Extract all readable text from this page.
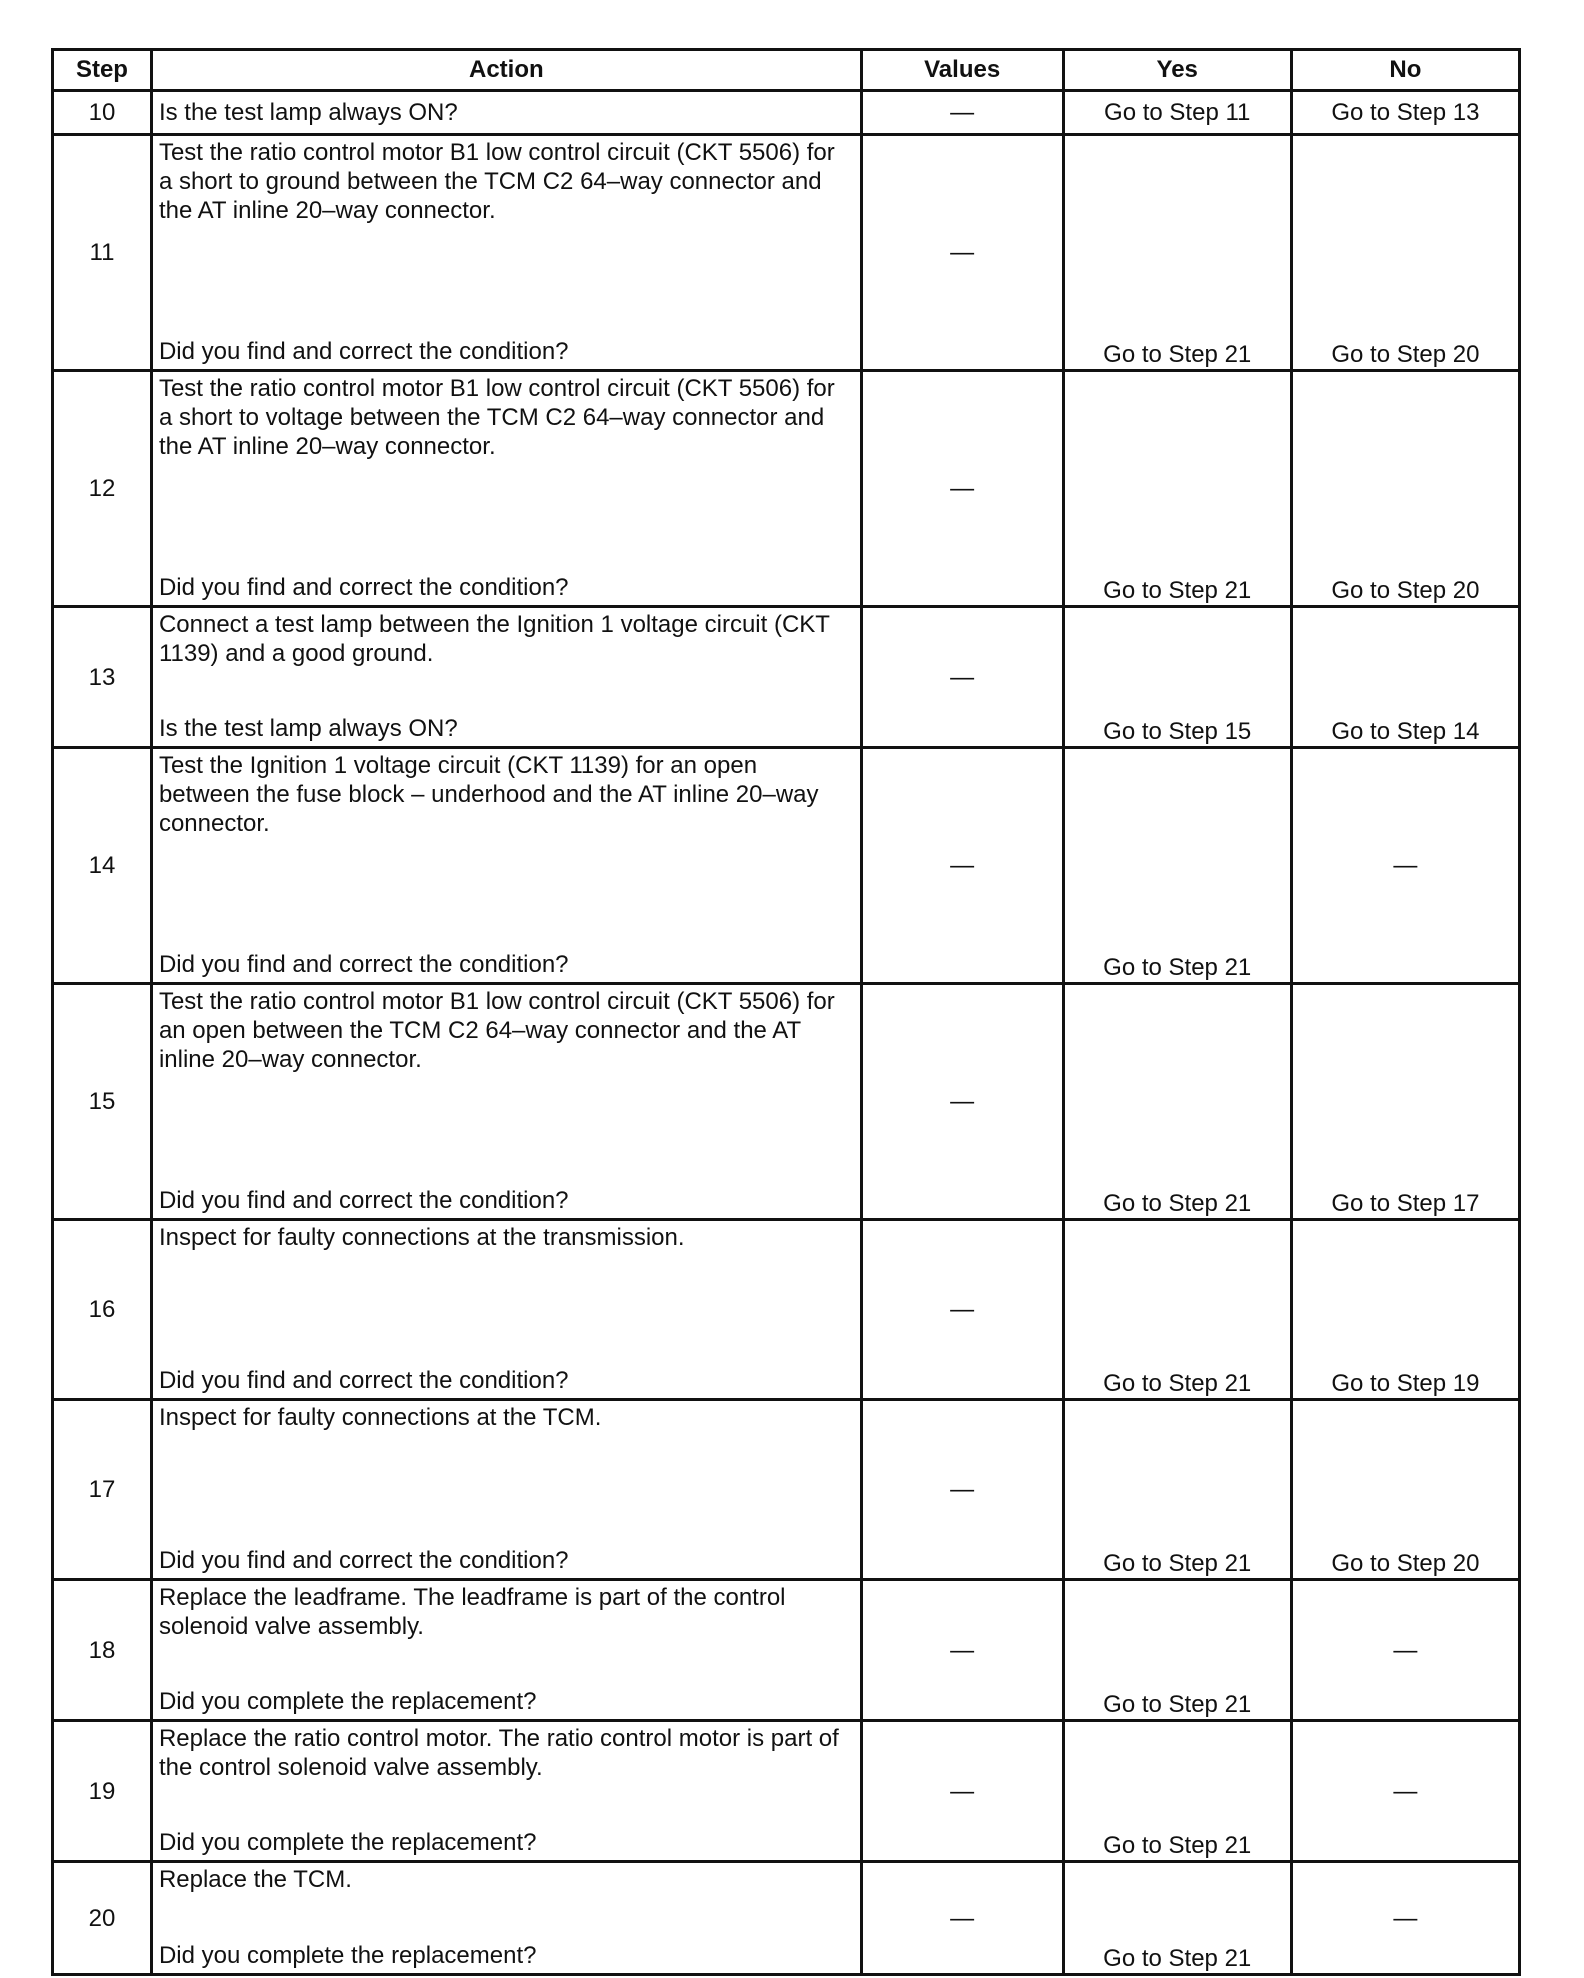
Step	Action	Values	Yes	No
10	Is the test lamp always ON?	—	Go to Step 11	Go to Step 13
11	Test the ratio control motor B1 low control circuit (CKT 5506) for a short to ground between the TCM C2 64–way connector and the AT inline 20–way connector.
Did you find and correct the condition?	—	Go to Step 21	Go to Step 20
12	Test the ratio control motor B1 low control circuit (CKT 5506) for a short to voltage between the TCM C2 64–way connector and the AT inline 20–way connector.
Did you find and correct the condition?	—	Go to Step 21	Go to Step 20
13	Connect a test lamp between the Ignition 1 voltage circuit (CKT 1139) and a good ground.
Is the test lamp always ON?	—	Go to Step 15	Go to Step 14
14	Test the Ignition 1 voltage circuit (CKT 1139) for an open between the fuse block – underhood and the AT inline 20–way connector.
Did you find and correct the condition?	—	Go to Step 21	—
15	Test the ratio control motor B1 low control circuit (CKT 5506) for an open between the TCM C2 64–way connector and the AT inline 20–way connector.
Did you find and correct the condition?	—	Go to Step 21	Go to Step 17
16	Inspect for faulty connections at the transmission.
Did you find and correct the condition?	—	Go to Step 21	Go to Step 19
17	Inspect for faulty connections at the TCM.
Did you find and correct the condition?	—	Go to Step 21	Go to Step 20
18	Replace the leadframe. The leadframe is part of the control solenoid valve assembly.
Did you complete the replacement?	—	Go to Step 21	—
19	Replace the ratio control motor. The ratio control motor is part of the control solenoid valve assembly.
Did you complete the replacement?	—	Go to Step 21	—
20	Replace the TCM.
Did you complete the replacement?	—	Go to Step 21	—
